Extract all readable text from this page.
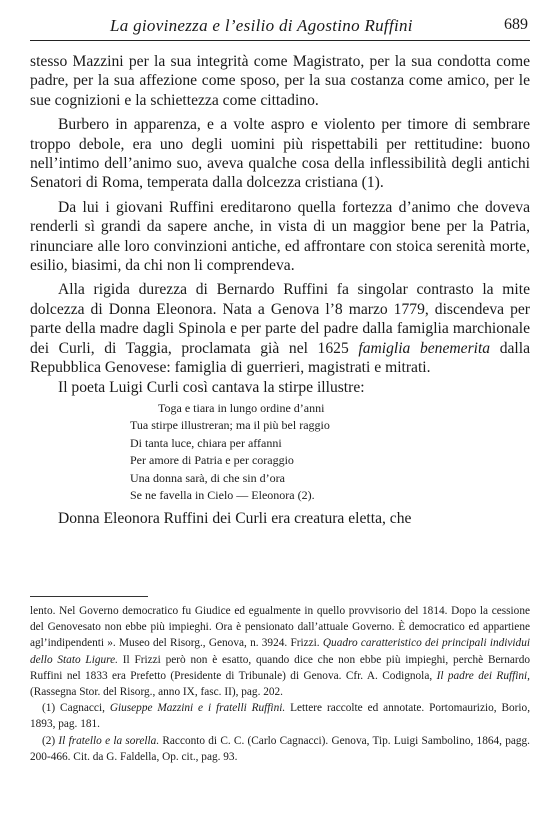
La giovinezza e l’esilio di Agostino Ruffini	689

stesso Mazzini per la sua integrità come Magistrato, per la sua condotta come padre, per la sua affezione come sposo, per la sua costanza come amico, per le sue cognizioni e la schiettezza come cittadino.

Burbero in apparenza, e a volte aspro e violento per timore di sembrare troppo debole, era uno degli uomini più rispettabili per rettitudine: buono nell’intimo dell’animo suo, aveva qualche cosa della inflessibilità degli antichi Senatori di Roma, temperata dalla dolcezza cristiana (1).

Da lui i giovani Ruffini ereditarono quella fortezza d’animo che doveva renderli sì grandi da sapere anche, in vista di un maggior bene per la Patria, rinunciare alle loro convinzioni antiche, ed affrontare con stoica serenità morte, esilio, biasimi, da chi non li comprendeva.

Alla rigida durezza di Bernardo Ruffini fa singolar contrasto la mite dolcezza di Donna Eleonora. Nata a Genova l’8 marzo 1779, discendeva per parte della madre dagli Spinola e per parte del padre dalla famiglia marchionale dei Curli, di Taggia, proclamata già nel 1625 famiglia benemerita dalla Repubblica Genovese: famiglia di guerrieri, magistrati e mitrati.

Il poeta Luigi Curli così cantava la stirpe illustre:

Toga e tiara in lungo ordine d’anni
Tua stirpe illustreran; ma il più bel raggio
Di tanta luce, chiara per affanni
Per amore di Patria e per coraggio
Una donna sarà, di che sin d’ora
Se ne favella in Cielo — Eleonora (2).

Donna Eleonora Ruffini dei Curli era creatura eletta, che

lento. Nel Governo democratico fu Giudice ed egualmente in quello provvisorio del 1814. Dopo la cessione del Genovesato non ebbe più impieghi. Ora è pensionato dall’attuale Governo. È democratico ed appartiene agl’indipendenti ». Museo del Risorg., Genova, n. 3924. Frizzi. Quadro caratteristico dei principali individui dello Stato Ligure. Il Frizzi però non è esatto, quando dice che non ebbe più impieghi, perchè Bernardo Ruffini nel 1833 era Prefetto (Presidente di Tribunale) di Genova. Cfr. A. Codignola, Il padre dei Ruffini, (Rassegna Stor. del Risorg., anno IX, fasc. II), pag. 202.

(1) Cagnacci, Giuseppe Mazzini e i fratelli Ruffini. Lettere raccolte ed annotate. Portomaurizio, Borio, 1893, pag. 181.

(2) Il fratello e la sorella. Racconto di C. C. (Carlo Cagnacci). Genova, Tip. Luigi Sambolino, 1864, pagg. 200-466. Cit. da G. Faldella, Op. cit., pag. 93.
